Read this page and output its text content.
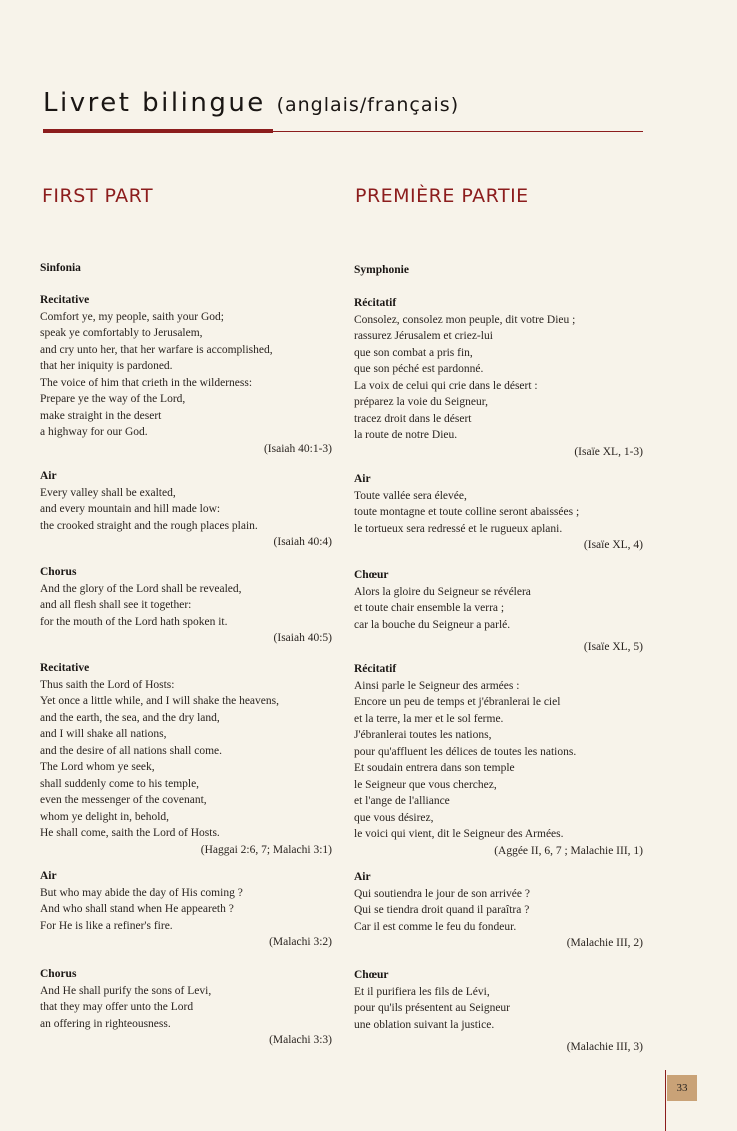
Livret bilingue (anglais/français)
FIRST PART	PREMIÈRE PARTIE
Sinfonia
Recitative
Comfort ye, my people, saith your God;
speak ye comfortably to Jerusalem,
and cry unto her, that her warfare is accomplished,
that her iniquity is pardoned.
The voice of him that crieth in the wilderness:
Prepare ye the way of the Lord,
make straight in the desert
a highway for our God.
(Isaiah 40:1-3)
Air
Every valley shall be exalted,
and every mountain and hill made low:
the crooked straight and the rough places plain.
(Isaiah 40:4)
Chorus
And the glory of the Lord shall be revealed,
and all flesh shall see it together:
for the mouth of the Lord hath spoken it.
(Isaiah 40:5)
Recitative
Thus saith the Lord of Hosts:
Yet once a little while, and I will shake the heavens,
and the earth, the sea, and the dry land,
and I will shake all nations,
and the desire of all nations shall come.
The Lord whom ye seek,
shall suddenly come to his temple,
even the messenger of the covenant,
whom ye delight in, behold,
He shall come, saith the Lord of Hosts.
(Haggai 2:6, 7; Malachi 3:1)
Air
But who may abide the day of His coming ?
And who shall stand when He appeareth ?
For He is like a refiner's fire.
(Malachi 3:2)
Chorus
And He shall purify the sons of Levi,
that they may offer unto the Lord
an offering in righteousness.
(Malachi 3:3)
Symphonie
Récitatif
Consolez, consolez mon peuple, dit votre Dieu ;
rassurez Jérusalem et criez-lui
que son combat a pris fin,
que son péché est pardonné.
La voix de celui qui crie dans le désert :
préparez la voie du Seigneur,
tracez droit dans le désert
la route de notre Dieu.
(Isaïe XL, 1-3)
Air
Toute vallée sera élevée,
toute montagne et toute colline seront abaissées ;
le tortueux sera redressé et le rugueux aplani.
(Isaïe XL, 4)
Chœur
Alors la gloire du Seigneur se révélera
et toute chair ensemble la verra ;
car la bouche du Seigneur a parlé.
(Isaïe XL, 5)
Récitatif
Ainsi parle le Seigneur des armées :
Encore un peu de temps et j'ébranlerai le ciel
et la terre, la mer et le sol ferme.
J'ébranlerai toutes les nations,
pour qu'affluent les délices de toutes les nations.
Et soudain entrera dans son temple
le Seigneur que vous cherchez,
et l'ange de l'alliance
que vous désirez,
le voici qui vient, dit le Seigneur des Armées.
(Aggée II, 6, 7 ; Malachie III, 1)
Air
Qui soutiendra le jour de son arrivée ?
Qui se tiendra droit quand il paraîtra ?
Car il est comme le feu du fondeur.
(Malachie III, 2)
Chœur
Et il purifiera les fils de Lévi,
pour qu'ils présentent au Seigneur
une oblation suivant la justice.
(Malachie III, 3)
33
